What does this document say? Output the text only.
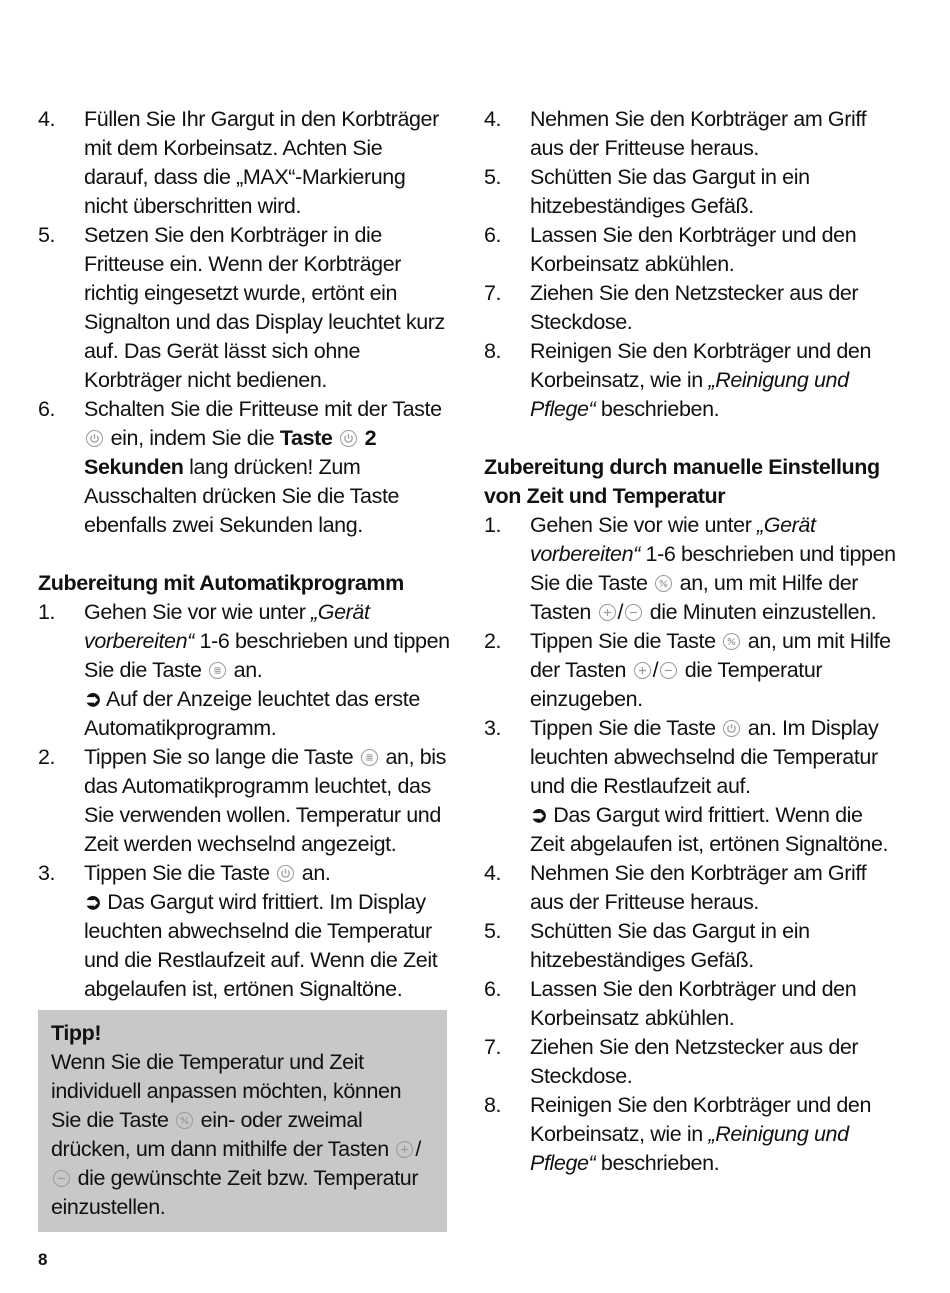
4. Füllen Sie Ihr Gargut in den Korbträger mit dem Korbeinsatz. Achten Sie darauf, dass die „MAX“-Markierung nicht überschritten wird.
5. Setzen Sie den Korbträger in die Fritteuse ein. Wenn der Korbträger richtig eingesetzt wurde, ertönt ein Signalton und das Display leuchtet kurz auf. Das Gerät lässt sich ohne Korbträger nicht bedienen.
6. Schalten Sie die Fritteuse mit der Taste
ein, indem Sie die Taste 2 Sekunden lang drücken! Zum Ausschalten drücken Sie die Taste ebenfalls zwei Sekunden lang.
Zubereitung mit Automatikprogramm
1. Gehen Sie vor wie unter „Gerät vorbereiten“ 1-6 beschrieben und tippen Sie die Taste an.
➲ Auf der Anzeige leuchtet das erste Automatikprogramm.
2. Tippen Sie so lange die Taste an, bis das Automatikprogramm leuchtet, das Sie verwenden wollen. Temperatur und Zeit werden wechselnd angezeigt.
3. Tippen Sie die Taste an.
➲ Das Gargut wird frittiert. Im Display leuchten abwechselnd die Temperatur und die Restlaufzeit auf. Wenn die Zeit abgelaufen ist, ertönen Signaltöne.
Tipp!
Wenn Sie die Temperatur und Zeit individuell anpassen möchten, können Sie die Taste ein- oder zweimal drücken, um dann mithilfe der Tasten /
die gewünschte Zeit bzw. Temperatur einzustellen.
4. Nehmen Sie den Korbträger am Griff aus der Fritteuse heraus.
5. Schütten Sie das Gargut in ein hitzebeständiges Gefäß.
6. Lassen Sie den Korbträger und den Korbeinsatz abkühlen.
7. Ziehen Sie den Netzstecker aus der Steckdose.
8. Reinigen Sie den Korbträger und den Korbeinsatz, wie in „Reinigung und Pflege“ beschrieben.
Zubereitung durch manuelle Einstellung von Zeit und Temperatur
1. Gehen Sie vor wie unter „Gerät vorbereiten“ 1-6 beschrieben und tippen Sie die Taste an, um mit Hilfe der Tasten / die Minuten einzustellen.
2. Tippen Sie die Taste an, um mit Hilfe der Tasten / die Temperatur einzugeben.
3. Tippen Sie die Taste an. Im Display leuchten abwechselnd die Temperatur und die Restlaufzeit auf.
➲ Das Gargut wird frittiert. Wenn die Zeit abgelaufen ist, ertönen Signaltöne.
4. Nehmen Sie den Korbträger am Griff aus der Fritteuse heraus.
5. Schütten Sie das Gargut in ein hitzebeständiges Gefäß.
6. Lassen Sie den Korbträger und den Korbeinsatz abkühlen.
7. Ziehen Sie den Netzstecker aus der Steckdose.
8. Reinigen Sie den Korbträger und den Korbeinsatz, wie in „Reinigung und Pflege“ beschrieben.
8
